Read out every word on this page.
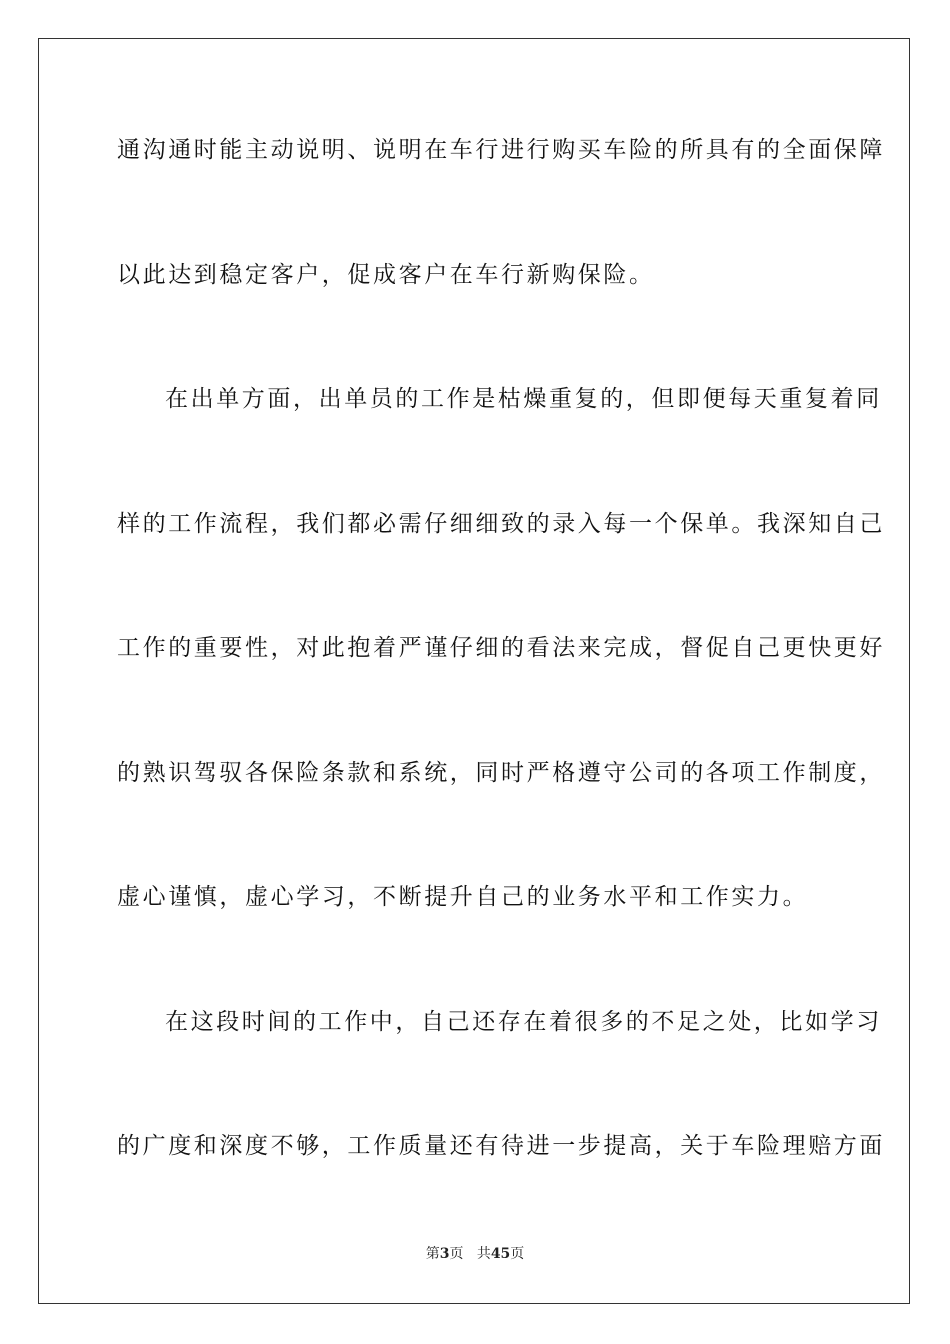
通沟通时能主动说明、说明在车行进行购买车险的所具有的全面保障
以此达到稳定客户，促成客户在车行新购保险。
在出单方面，出单员的工作是枯燥重复的，但即便每天重复着同
样的工作流程，我们都必需仔细细致的录入每一个保单。我深知自己
工作的重要性，对此抱着严谨仔细的看法来完成，督促自己更快更好
的熟识驾驭各保险条款和系统，同时严格遵守公司的各项工作制度，
虚心谨慎，虚心学习，不断提升自己的业务水平和工作实力。
在这段时间的工作中，自己还存在着很多的不足之处，比如学习
的广度和深度不够，工作质量还有待进一步提高，关于车险理赔方面
第3页 共45页
